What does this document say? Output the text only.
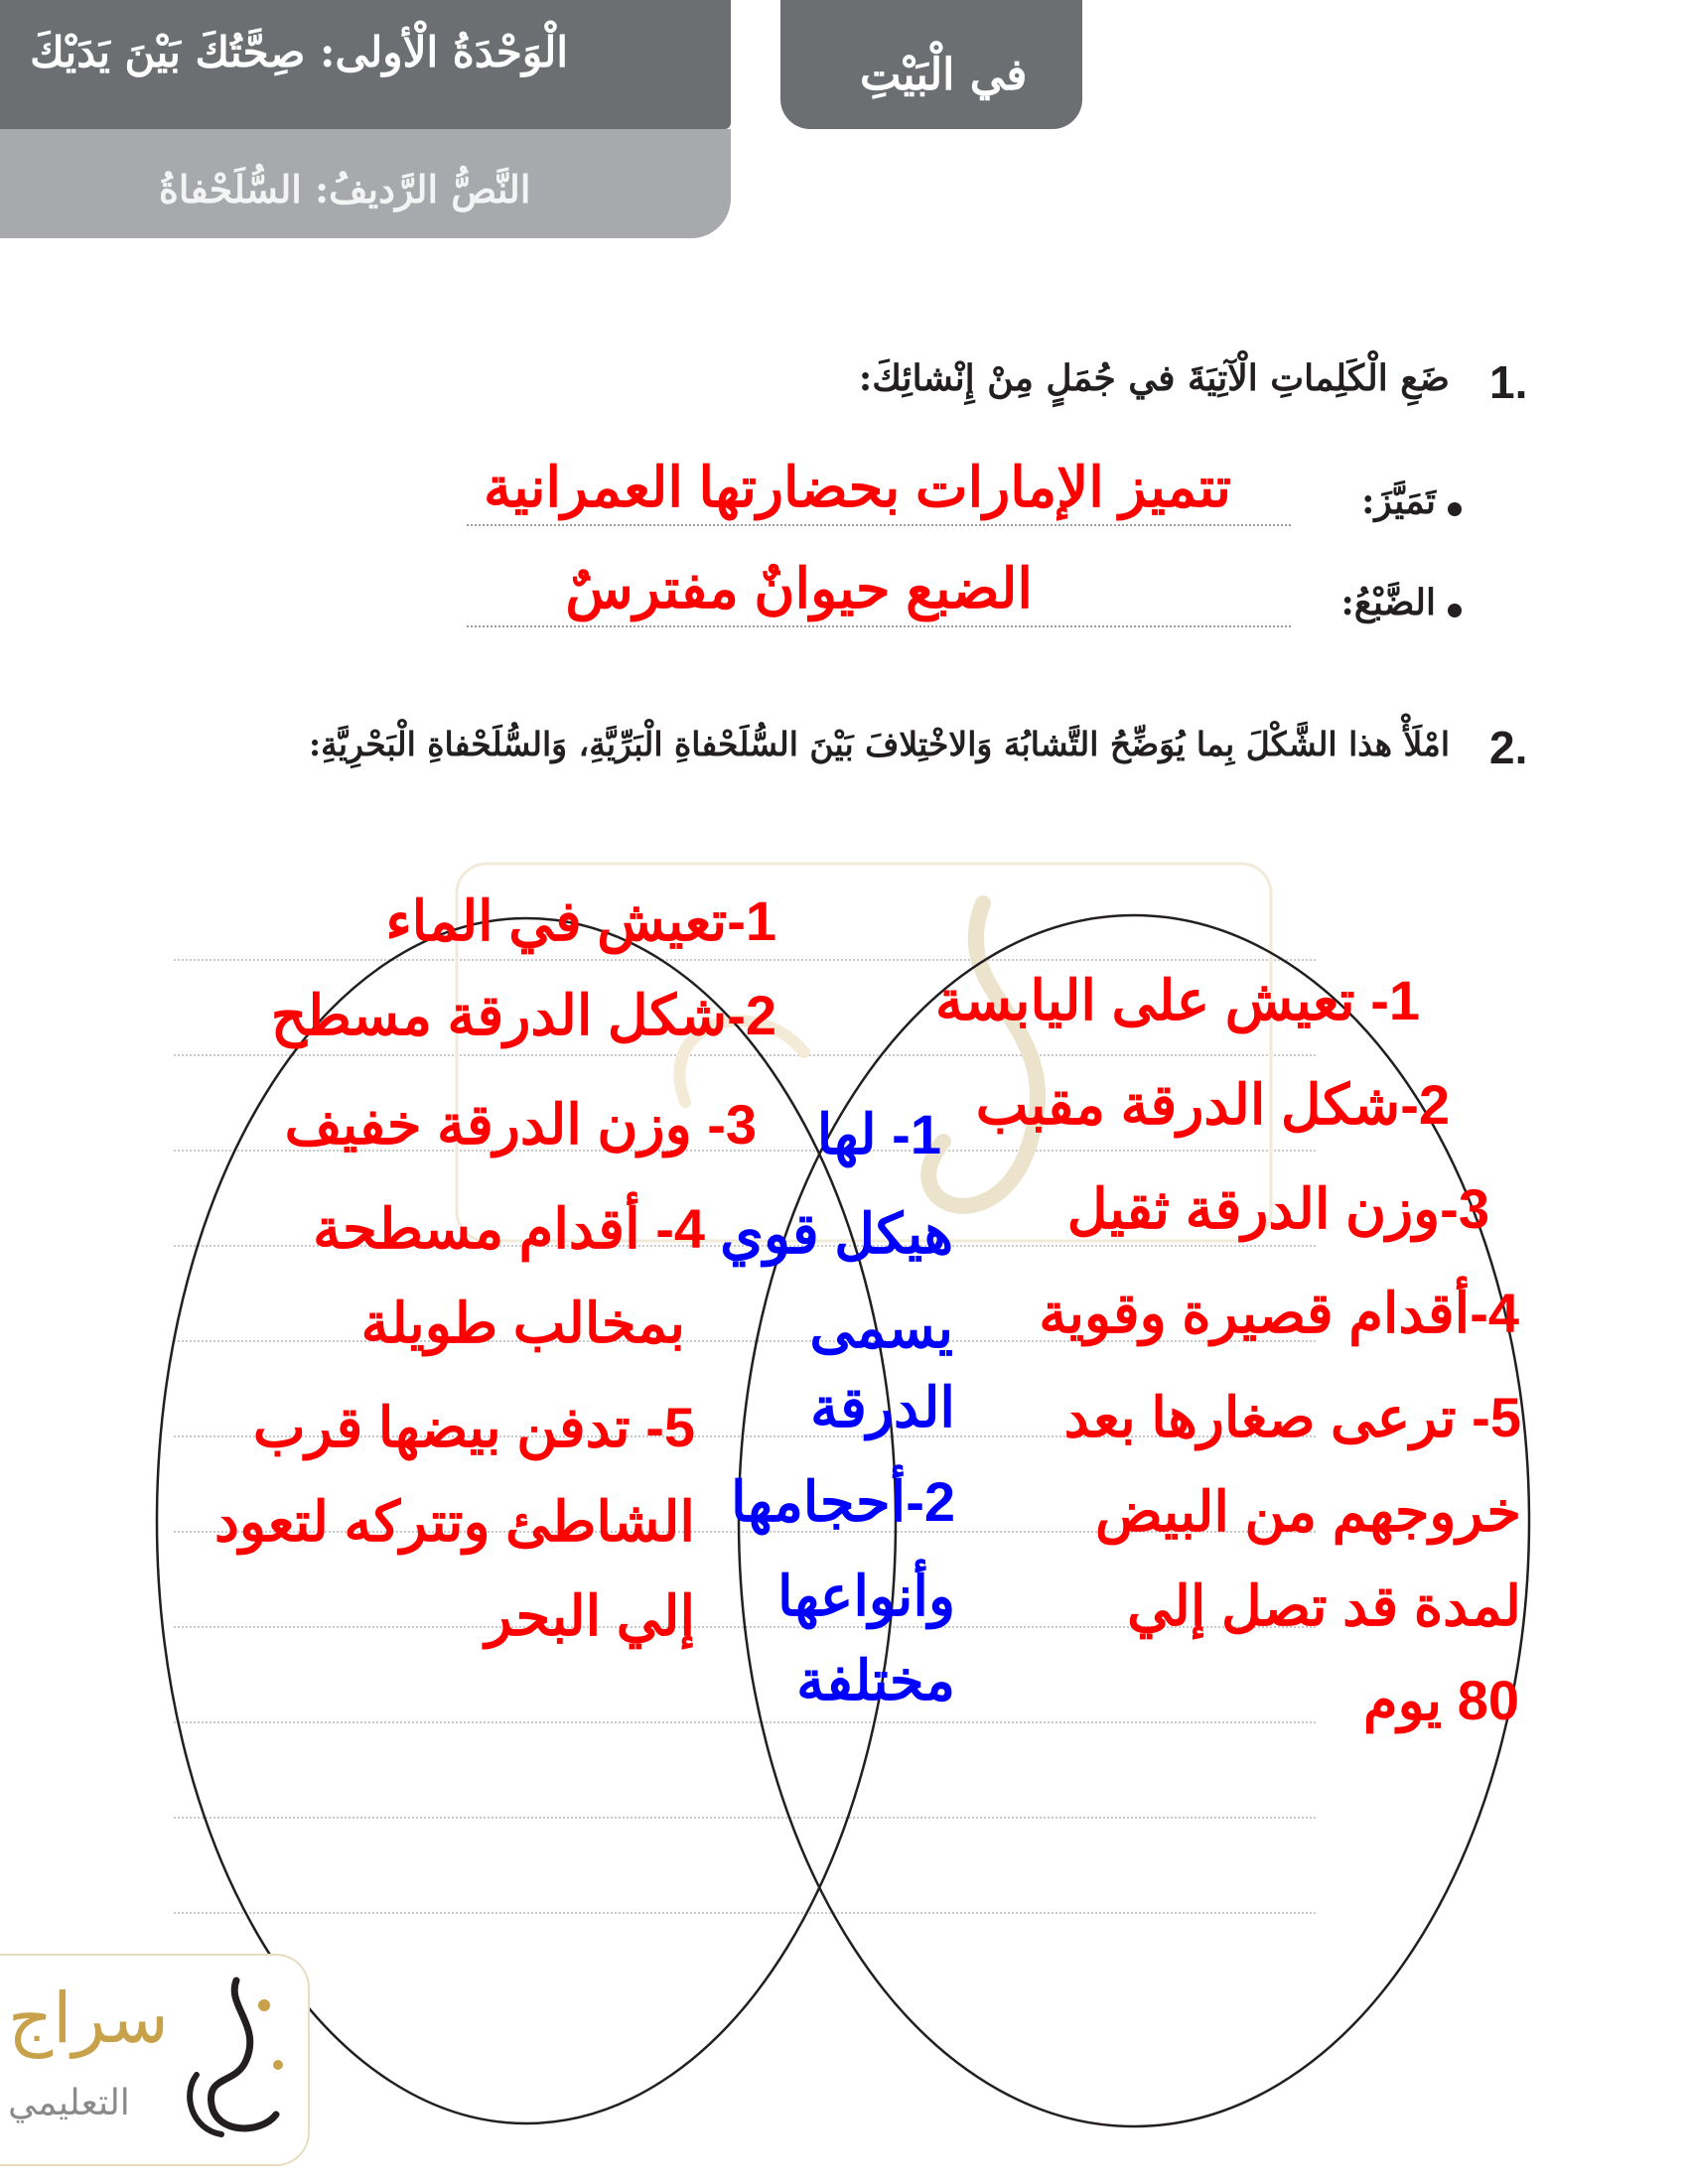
الْوَحْدَةُ الْأولى: صِحَّتُكَ بَيْنَ يَدَيْكَ
النَّصُّ الرَّديفُ: السُّلَحْفاةُ
في الْبَيْتِ
1.
ضَعِ الْكَلِماتِ الْآتِيَةَ في جُمَلٍ مِنْ إِنْشائِكَ:
تَمَيَّزَ:
تتميز الإمارات بحضارتها العمرانية
الضَّبْعُ:
الضبع حيوانٌ مفترسٌ
2.
امْلَأْ هذا الشَّكْلَ بِما يُوَضِّحُ التَّشابُهَ وَالاخْتِلافَ بَيْنَ السُّلَحْفاةِ الْبَرِّيَّةِ، وَالسُّلَحْفاةِ الْبَحْرِيَّةِ:
1- تعيش على اليابسة
2-شكل الدرقة مقبب
3-وزن الدرقة ثقيل
4-أقدام قصيرة وقوية
5- ترعى صغارها بعد
خروجهم من البيض
لمدة قد تصل إلي
80 يوم
1-تعيش في الماء
2-شكل الدرقة مسطح
3- وزن الدرقة خفيف
4- أقدام مسطحة
بمخالب طويلة
5- تدفن بيضها قرب
الشاطئ وتتركه لتعود
إلي البحر
1- لها
هيكل قوي
يسمى
الدرقة
2-أحجامها
وأنواعها
مختلفة
سراج
التعليمي
